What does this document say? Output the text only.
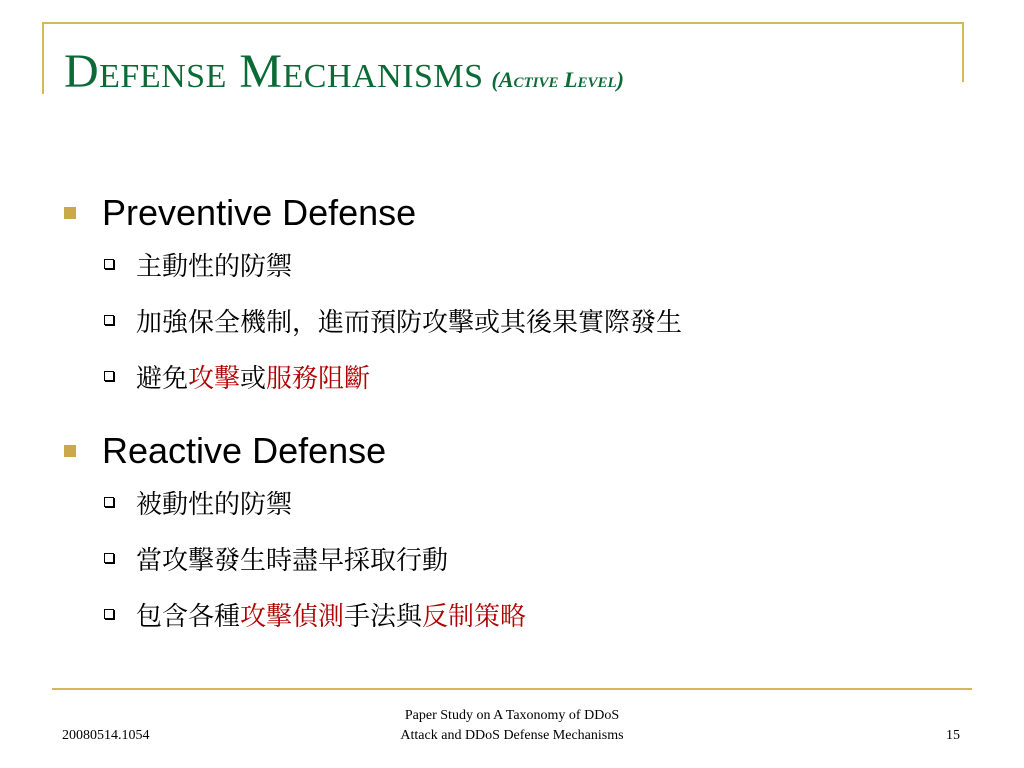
Defense Mechanisms (Active Level)
Preventive Defense
主動性的防禦
加強保全機制，進而預防攻擊或其後果實際發生
避免攻擊或服務阻斷
Reactive Defense
被動性的防禦
當攻擊發生時盡早採取行動
包含各種攻擊偵測手法與反制策略
20080514.1054
Paper Study on A Taxonomy of DDoS
Attack and DDoS Defense Mechanisms	15
